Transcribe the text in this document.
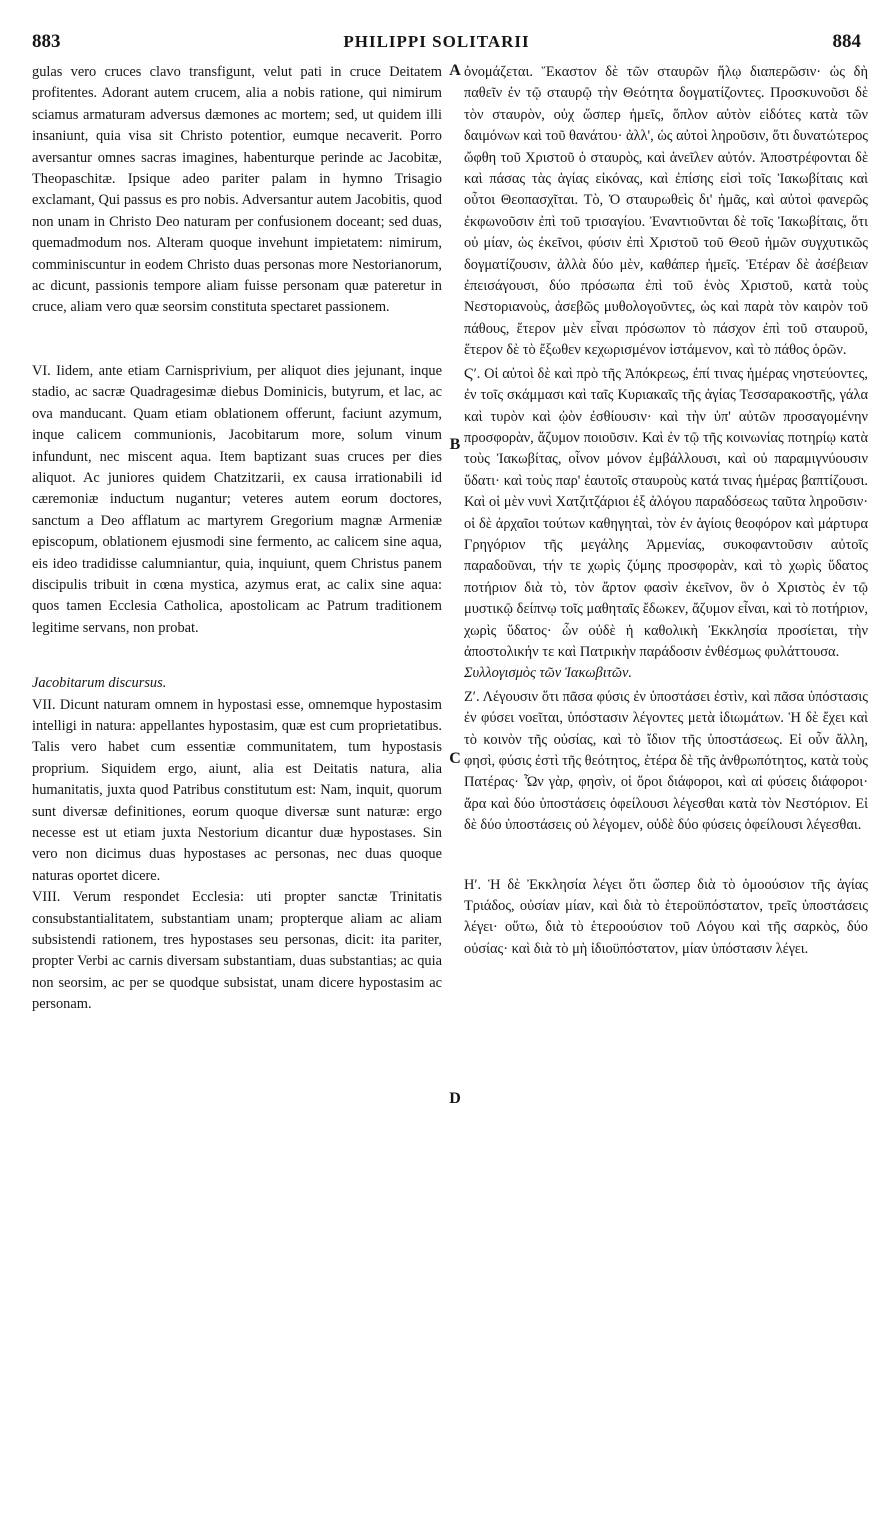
883	PHILIPPI SOLITARII	884
A
B
C
D

gulas vero cruces clavo transfigunt, velut pati in cruce Deitatem profitentes. Adorant autem crucem, alia a nobis ratione, qui nimirum sciamus armaturam adversus dæmones ac mortem; sed, ut quidem illi insaniunt, quia visa sit Christo potentior, eumque necaverit. Porro aversantur omnes sacras imagines, habenturque perinde ac Jacobitæ, Theopaschitæ. Ipsique adeo pariter palam in hymno Trisagio exclamant, Qui passus es pro nobis. Adversantur autem Jacobitis, quod non unam in Christo Deo naturam per confusionem doceant; sed duas, quemadmodum nos. Alteram quoque invehunt impietatem: nimirum, comminiscuntur in eodem Christo duas personas more Nestorianorum, ac dicunt, passionis tempore aliam fuisse personam quæ pateretur in cruce, aliam vero quæ seorsim constituta spectaret passionem.

VI. Iidem, ante etiam Carnisprivium, per aliquot dies jejunant, inque stadio, ac sacræ Quadragesimæ diebus Dominicis, butyrum, et lac, ac ova manducant. Quam etiam oblationem offerunt, faciunt azymum, inque calicem communionis, Jacobitarum more, solum vinum infundunt, nec miscent aqua. Item baptizant suas cruces per dies aliquot. Ac juniores quidem Chatzitzarii, ex causa irrationabili id cæremoniæ inductum nugantur; veteres autem eorum doctores, sanctum a Deo afflatum ac martyrem Gregorium magnæ Armeniæ episcopum, oblationem ejusmodi sine fermento, ac calicem sine aqua, eis ideo tradidisse calumniantur, quia, inquiunt, quem Christus panem discipulis tribuit in cœna mystica, azymus erat, ac calix sine aqua: quos tamen Ecclesia Catholica, apostolicam ac Patrum traditionem legitime servans, non probat.

Jacobitarum discursus.

VII. Dicunt naturam omnem in hypostasi esse, omnemque hypostasim intelligi in natura: appellantes hypostasim, quæ est cum proprietatibus. Talis vero habet cum essentiæ communitatem, tum hypostasis proprium. Siquidem ergo, aiunt, alia est Deitatis natura, alia humanitatis, juxta quod Patribus constitutum est: Nam, inquit, quorum sunt diversæ definitiones, eorum quoque diversæ sunt naturæ: ergo necesse est ut etiam juxta Nestorium dicantur duæ hypostases. Sin vero non dicimus duas hypostases ac personas, nec duas quoque naturas oportet dicere.

VIII. Verum respondet Ecclesia: uti propter sanctæ Trinitatis consubstantialitatem, substantiam unam; propterque aliam ac aliam subsistendi rationem, tres hypostases seu personas, dicit: ita pariter, propter Verbi ac carnis diversam substantiam, duas substantias; ac quia non seorsim, ac per se quodque subsistat, unam dicere hypostasim ac personam.

ὀνομάζεται. Ἕκαστον δὲ τῶν σταυρῶν ἥλῳ διαπερῶσιν· ὡς δὴ παθεῖν ἐν τῷ σταυρῷ τὴν Θεότητα δογματίζοντες. Προσκυνοῦσι δὲ τὸν σταυρὸν, οὐχ ὥσπερ ἡμεῖς, ὅπλον αὐτὸν εἰδότες κατὰ τῶν δαιμόνων καὶ τοῦ θανάτου· ἀλλ', ὡς αὐτοὶ ληροῦσιν, ὅτι δυνατώτερος ὤφθη τοῦ Χριστοῦ ὁ σταυρὸς, καὶ ἀνεῖλεν αὐτόν. Ἀποστρέφονται δὲ καὶ πάσας τὰς ἁγίας εἰκόνας, καὶ ἐπίσης εἰσὶ τοῖς Ἰακωβίταις καὶ οὗτοι Θεοπασχῖται. Τὸ, Ὁ σταυρωθεὶς δι' ἡμᾶς, καὶ αὐτοὶ φανερῶς ἐκφωνοῦσιν ἐπὶ τοῦ τρισαγίου. Ἐναντιοῦνται δὲ τοῖς Ἰακωβίταις, ὅτι οὐ μίαν, ὡς ἐκεῖνοι, φύσιν ἐπὶ Χριστοῦ τοῦ Θεοῦ ἡμῶν συγχυτικῶς δογματίζουσιν, ἀλλὰ δύο μὲν, καθάπερ ἡμεῖς. Ἑτέραν δὲ ἀσέβειαν ἐπεισάγουσι, δύο πρόσωπα ἐπὶ τοῦ ἑνὸς Χριστοῦ, κατὰ τοὺς Νεστοριανοὺς, ἀσεβῶς μυθολογοῦντες, ὡς καὶ παρὰ τὸν καιρὸν τοῦ πάθους, ἕτερον μὲν εἶναι πρόσωπον τὸ πάσχον ἐπὶ τοῦ σταυροῦ, ἕτερον δὲ τὸ ἔξωθεν κεχωρισμένον ἱστάμενον, καὶ τὸ πάθος ὁρῶν.

Ϛʹ. Οἱ αὐτοὶ δὲ καὶ πρὸ τῆς Ἀπόκρεως, ἐπί τινας ἡμέρας νηστεύοντες, ἐν τοῖς σκάμμασι καὶ ταῖς Κυριακαῖς τῆς ἁγίας Τεσσαρακοστῆς, γάλα καὶ τυρὸν καὶ ᾠὸν ἐσθίουσιν· καὶ τὴν ὑπ' αὐτῶν προσαγομένην προσφορὰν, ἄζυμον ποιοῦσιν. Καὶ ἐν τῷ τῆς κοινωνίας ποτηρίῳ κατὰ τοὺς Ἰακωβίτας, οἶνον μόνον ἐμβάλλουσι, καὶ οὐ παραμιγνύουσιν ὕδατι· καὶ τοὺς παρ' ἑαυτοῖς σταυροὺς κατά τινας ἡμέρας βαπτίζουσι. Καὶ οἱ μὲν νυνὶ Χατζιτζάριοι ἐξ ἀλόγου παραδόσεως ταῦτα ληροῦσιν· οἱ δὲ ἀρχαῖοι τούτων καθηγηταὶ, τὸν ἐν ἁγίοις θεοφόρον καὶ μάρτυρα Γρηγόριον τῆς μεγάλης Ἀρμενίας, συκοφαντοῦσιν αὐτοῖς παραδοῦναι, τήν τε χωρὶς ζύμης προσφορὰν, καὶ τὸ χωρὶς ὕδατος ποτήριον διὰ τὸ, τὸν ἄρτον φασὶν ἐκεῖνον, ὃν ὁ Χριστὸς ἐν τῷ μυστικῷ δείπνῳ τοῖς μαθηταῖς ἔδωκεν, ἄζυμον εἶναι, καὶ τὸ ποτήριον, χωρὶς ὕδατος· ὧν οὐδὲ ἡ καθολικὴ Ἐκκλησία προσίεται, τὴν ἀποστολικήν τε καὶ Πατρικὴν παράδοσιν ἐνθέσμως φυλάττουσα.

Συλλογισμὸς τῶν Ἰακωβιτῶν.

Ζʹ. Λέγουσιν ὅτι πᾶσα φύσις ἐν ὑποστάσει ἐστὶν, καὶ πᾶσα ὑπόστασις ἐν φύσει νοεῖται, ὑπόστασιν λέγοντες μετὰ ἰδιωμάτων. Ἡ δὲ ἔχει καὶ τὸ κοινὸν τῆς οὐσίας, καὶ τὸ ἴδιον τῆς ὑποστάσεως. Εἰ οὖν ἄλλη, φησὶ, φύσις ἐστὶ τῆς θεότητος, ἑτέρα δὲ τῆς ἀνθρωπότητος, κατὰ τοὺς Πατέρας· Ὧν γὰρ, φησὶν, οἱ ὅροι διάφοροι, καὶ αἱ φύσεις διάφοροι· ἄρα καὶ δύο ὑποστάσεις ὀφείλουσι λέγεσθαι κατὰ τὸν Νεστόριον. Εἰ δὲ δύο ὑποστάσεις οὐ λέγομεν, οὐδὲ δύο φύσεις ὀφείλουσι λέγεσθαι.

Ηʹ. Ἡ δὲ Ἐκκλησία λέγει ὅτι ὥσπερ διὰ τὸ ὁμοούσιον τῆς ἁγίας Τριάδος, οὐσίαν μίαν, καὶ διὰ τὸ ἑτεροϋπόστατον, τρεῖς ὑποστάσεις λέγει· οὕτω, διὰ τὸ ἑτεροούσιον τοῦ Λόγου καὶ τῆς σαρκὸς, δύο οὐσίας· καὶ διὰ τὸ μὴ ἰδιοϋπόστατον, μίαν ὑπόστασιν λέγει.
